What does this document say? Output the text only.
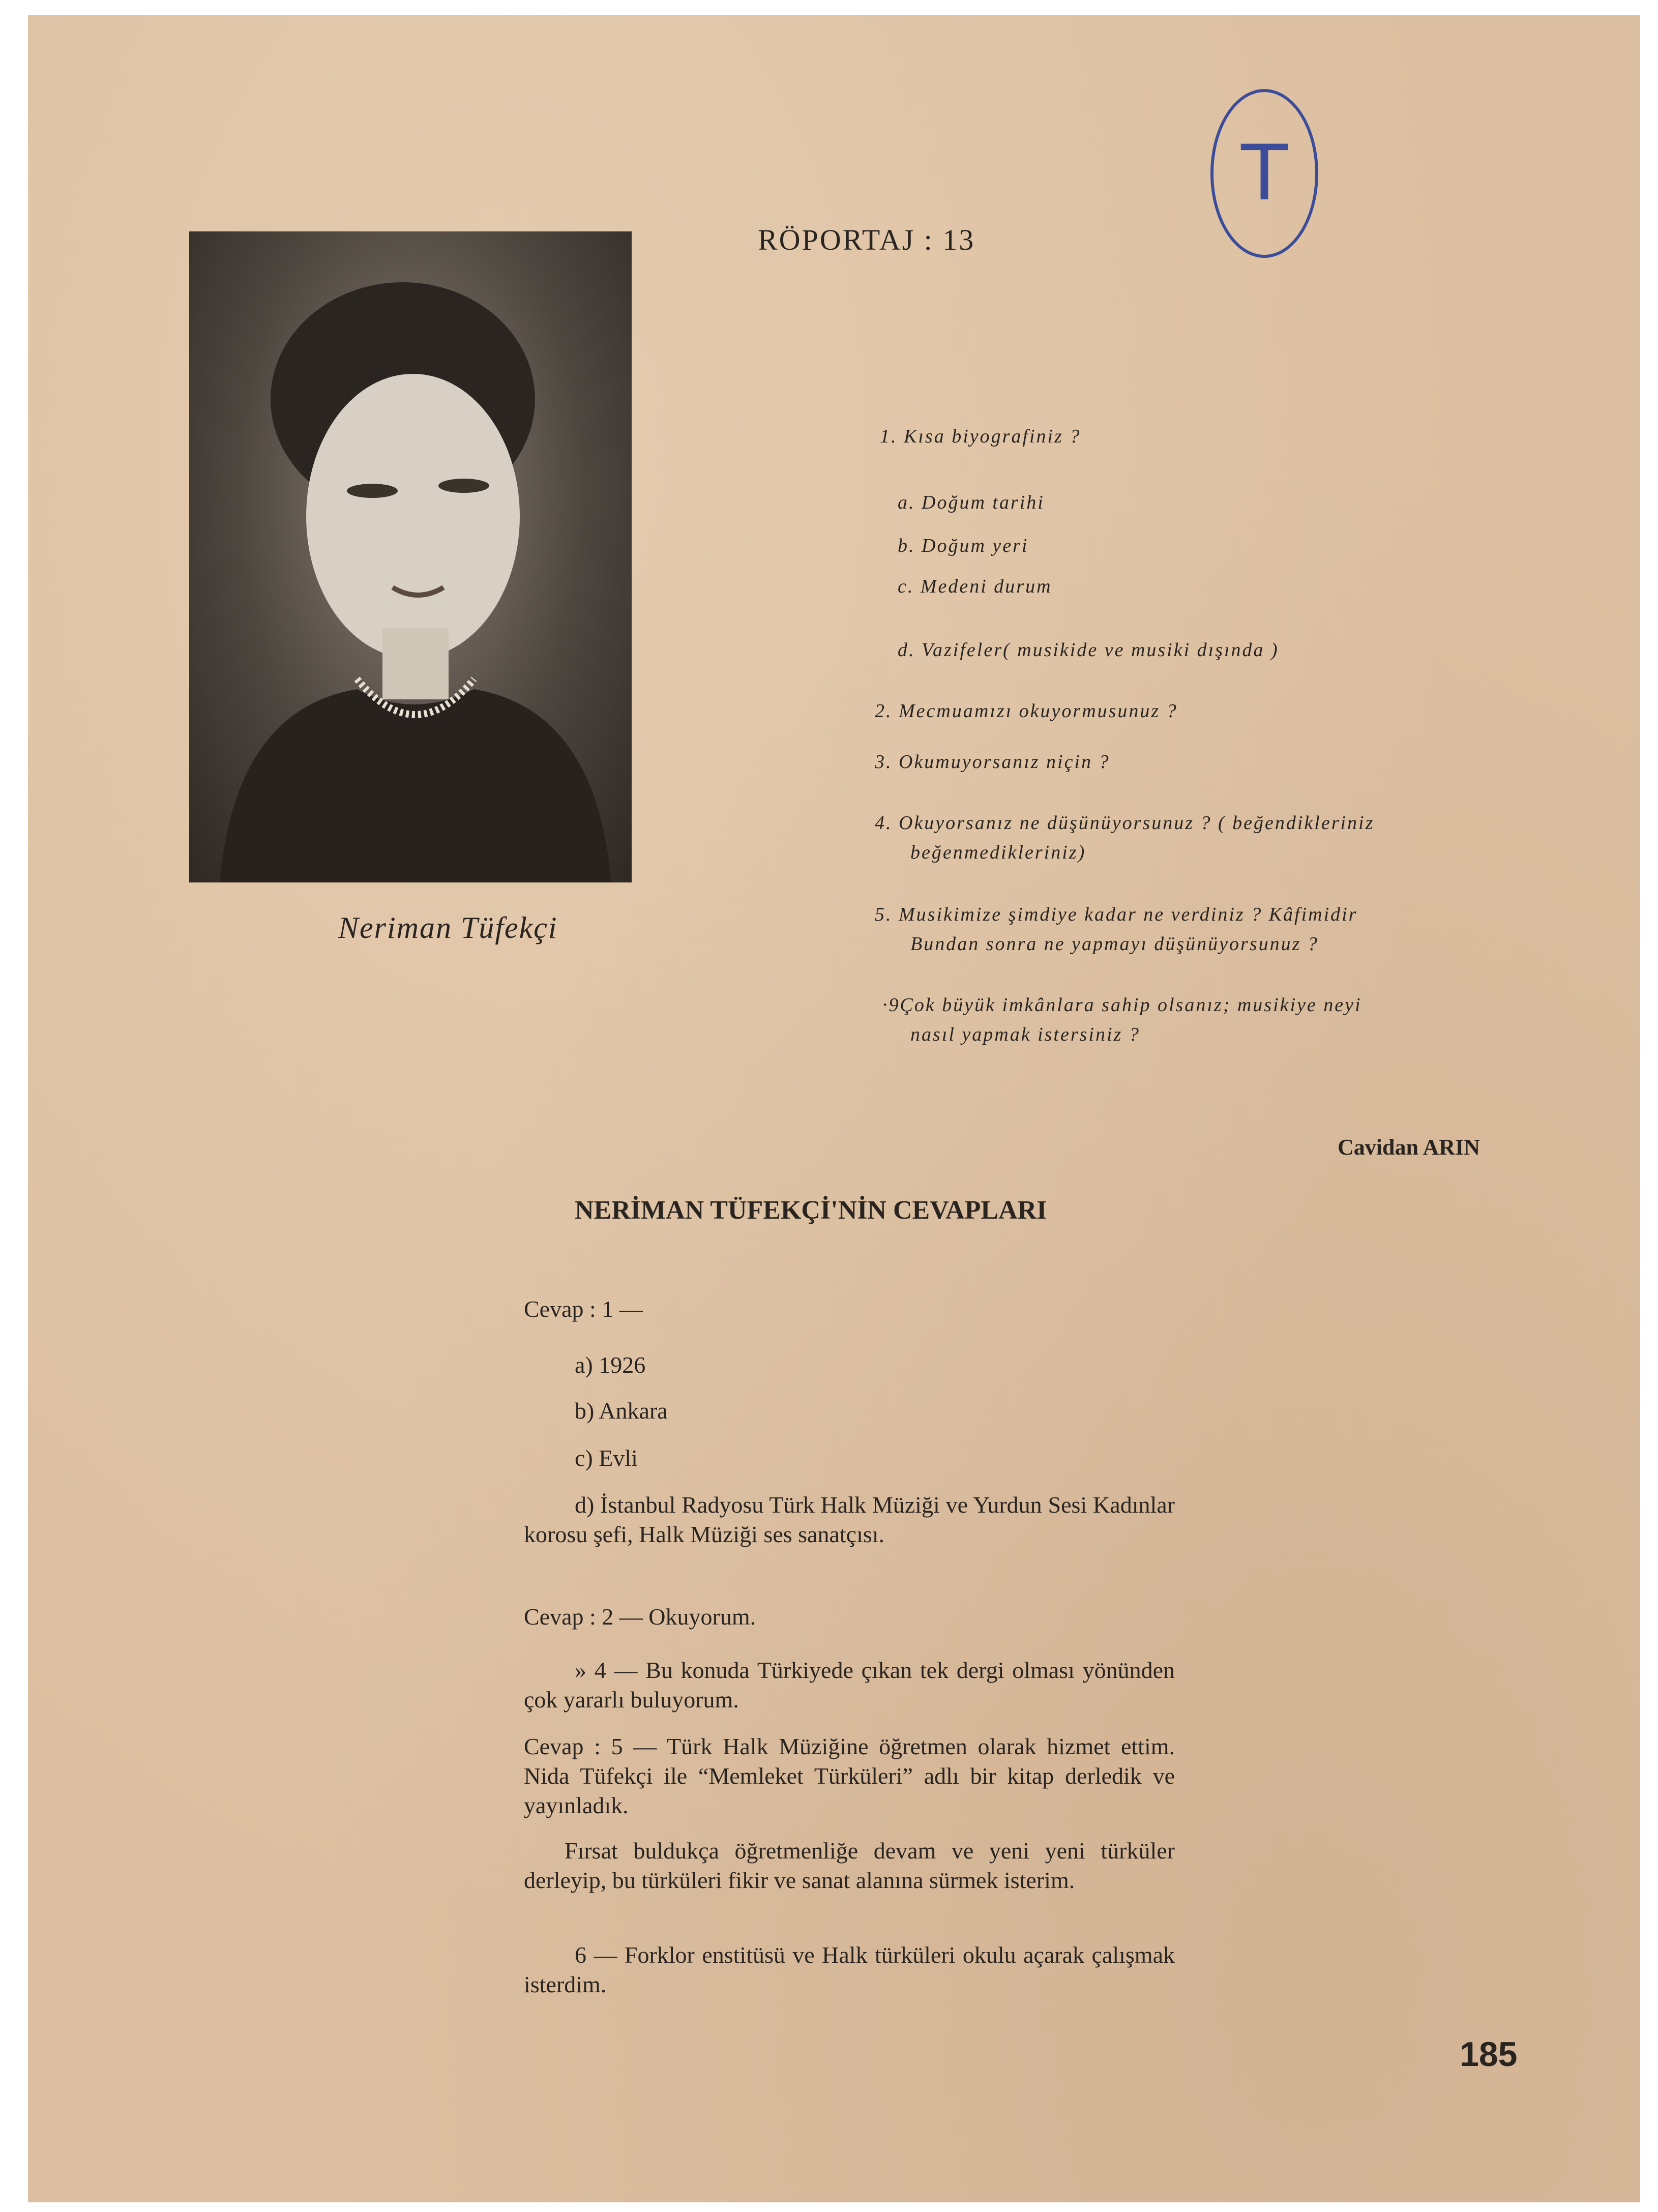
RÖPORTAJ : 13
T
Neriman Tüfekçi
1. Kısa biyografiniz ?
a. Doğum tarihi
b. Doğum yeri
c. Medeni durum
d. Vazifeler( musikide ve musiki dışında )
2. Mecmuamızı okuyormusunuz ?
3. Okumuyorsanız niçin ?
4. Okuyorsanız ne düşünüyorsunuz ? ( beğendikleriniz
beğenmedikleriniz)
5. Musikimize şimdiye kadar ne verdiniz ? Kâfimidir
Bundan sonra ne yapmayı düşünüyorsunuz ?
·9Çok büyük imkânlara sahip olsanız; musikiye neyi
nasıl yapmak istersiniz ?
Cavidan ARIN
NERİMAN TÜFEKÇİ'NİN CEVAPLARI
Cevap : 1 —
a) 1926
b) Ankara
c) Evli
d) İstanbul Radyosu Türk Halk Müziği ve Yurdun Sesi Kadınlar korosu şefi, Halk Müziği ses sanatçısı.
Cevap : 2 — Okuyorum.
» 4 — Bu konuda Türkiyede çıkan tek dergi olması yönünden çok yararlı buluyorum.
Cevap : 5 — Türk Halk Müziğine öğretmen olarak hizmet ettim. Nida Tüfekçi ile “Memleket Türküleri” adlı bir kitap derledik ve yayınladık.
Fırsat buldukça öğretmenliğe devam ve yeni yeni türküler derleyip, bu türküleri fikir ve sanat alanına sürmek isterim.
6 — Forklor enstitüsü ve Halk türküleri okulu açarak çalışmak isterdim.
185
